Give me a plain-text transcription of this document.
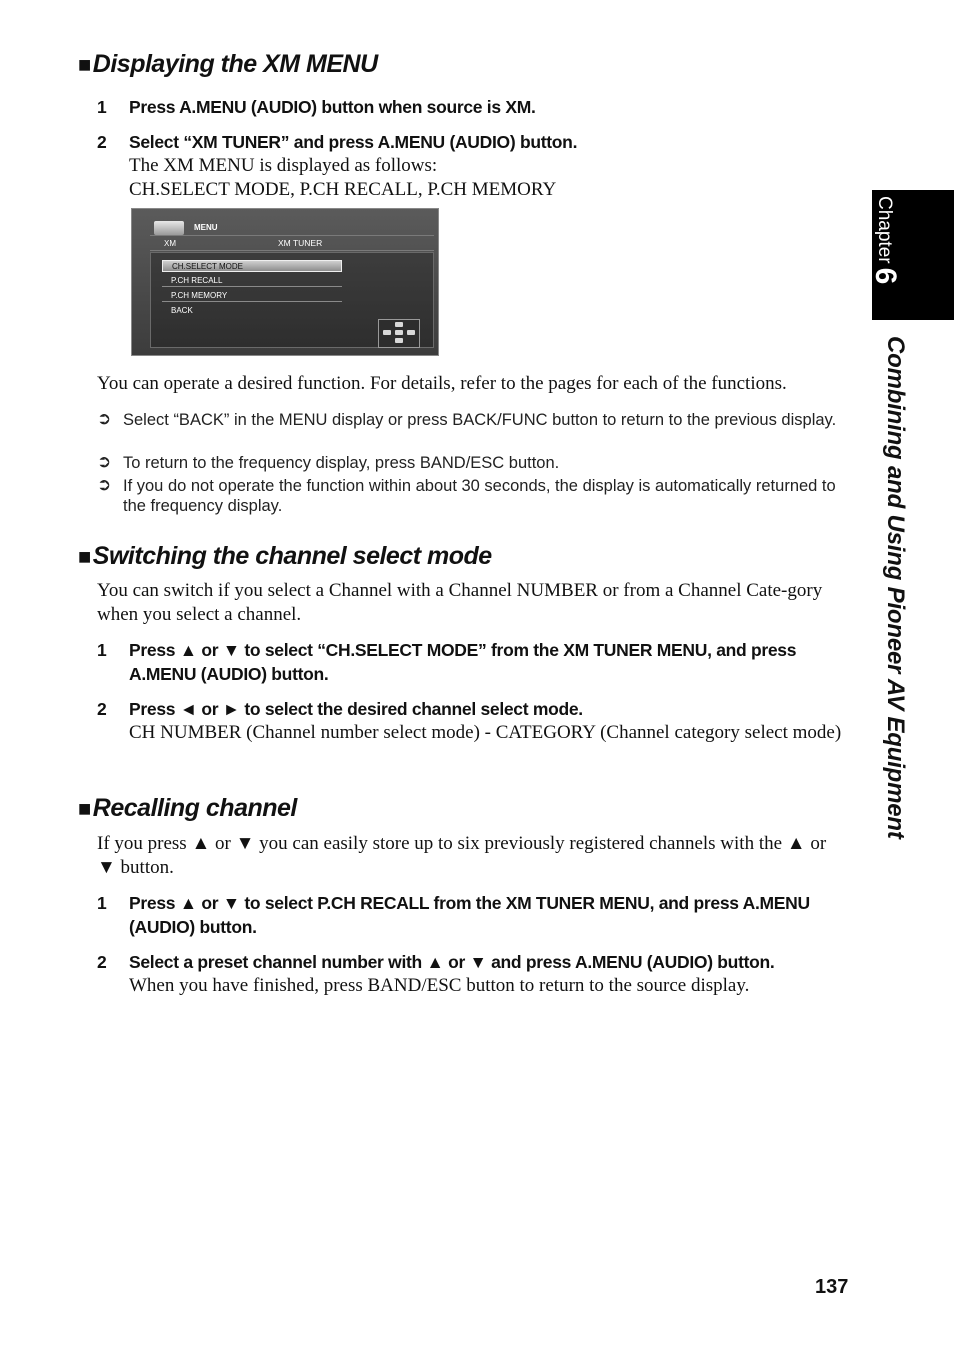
■Displaying the XM MENU
1	Press A.MENU (AUDIO) button when source is XM.
2	Select “XM TUNER” and press A.MENU (AUDIO) button.
The XM MENU is displayed as follows:
CH.SELECT MODE, P.CH RECALL, P.CH MEMORY
MENU
XM	XM TUNER
CH.SELECT MODE
P.CH RECALL
P.CH MEMORY
BACK

You can operate a desired function. For details, refer to the pages for each of the functions.

➲ Select “BACK” in the MENU display or press BACK/FUNC button to return to the previous display.
➲ To return to the frequency display, press BAND/ESC button.
➲ If you do not operate the function within about 30 seconds, the display is automatically returned to the frequency display.
■Switching the channel select mode

You can switch if you select a Channel with a Channel NUMBER or from a Channel Cate-gory when you select a channel.

1	Press ▲ or ▼ to select “CH.SELECT MODE” from the XM TUNER MENU, and press A.MENU (AUDIO) button.
2	Press ◄ or ► to select the desired channel select mode.
CH NUMBER (Channel number select mode) - CATEGORY (Channel category select mode)
■Recalling channel

If you press ▲ or ▼ you can easily store up to six previously registered channels with the ▲ or ▼ button.

1	Press ▲ or ▼ to select P.CH RECALL from the XM TUNER MENU, and press A.MENU (AUDIO) button.
2	Select a preset channel number with ▲ or ▼ and press A.MENU (AUDIO) button.
When you have finished, press BAND/ESC button to return to the source display.
Chapter6
Combining and Using Pioneer AV Equipment
137
